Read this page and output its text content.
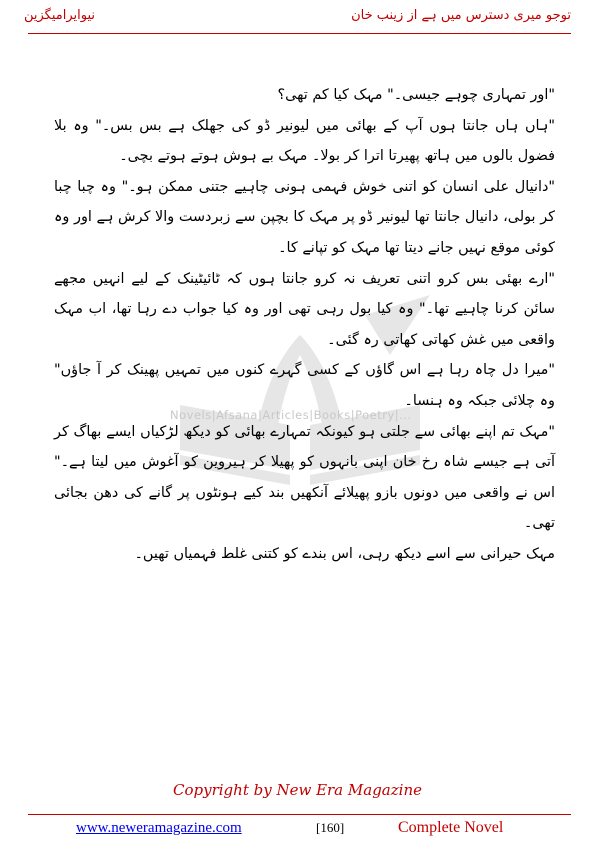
نیوایرامیگزین	توجو میری دسترس میں ہے از زینب خان
Novels|Afsana|Articles|Books|Poetry|...

"اور تمہاری چوہے جیسی۔" مہک کیا کم تھی؟

"ہاں ہاں جانتا ہوں آپ کے بھائی میں لیونیر ڈو کی جھلک ہے بس بس۔" وہ بلا فضول بالوں میں ہاتھ پھیرتا اترا کر بولا۔ مہک بے ہوش ہوتے ہوتے بچی۔

"دانیال علی انسان کو اتنی خوش فہمی ہونی چاہیے جتنی ممکن ہو۔" وہ چبا چبا کر بولی، دانیال جانتا تھا لیونیر ڈو پر مہک کا بچپن سے زبردست والا کرش ہے اور وہ کوئی موقع نہیں جانے دیتا تھا مہک کو تپانے کا۔

"ارے بھئی بس کرو اتنی تعریف نہ کرو جانتا ہوں کہ ٹائیٹینک کے لیے انہیں مجھے سائن کرنا چاہیے تھا۔" وہ کیا بول رہی تھی اور وہ کیا جواب دے رہا تھا، اب مہک واقعی میں غش کھاتی کھاتی رہ گئی۔

"میرا دل چاہ رہا ہے اس گاؤں کے کسی گہرے کنوں میں تمہیں پھینک کر آ جاؤں" وہ چلائی جبکہ وہ ہنسا۔

"مہک تم اپنے بھائی سے جلتی ہو کیونکہ تمہارے بھائی کو دیکھ لڑکیاں ایسے بھاگ کر آتی ہے جیسے شاہ رخ خان اپنی بانہوں کو پھیلا کر ہیروین کو آغوش میں لیتا ہے۔" اس نے واقعی میں دونوں بازو پھیلائے آنکھیں بند کیے ہونٹوں پر گانے کی دھن بجائی تھی۔

مہک حیرانی سے اسے دیکھ رہی، اس بندے کو کتنی غلط فہمیاں تھیں۔

Copyright by New Era Magazine
www.neweramagazine.com	[160]	Complete Novel
